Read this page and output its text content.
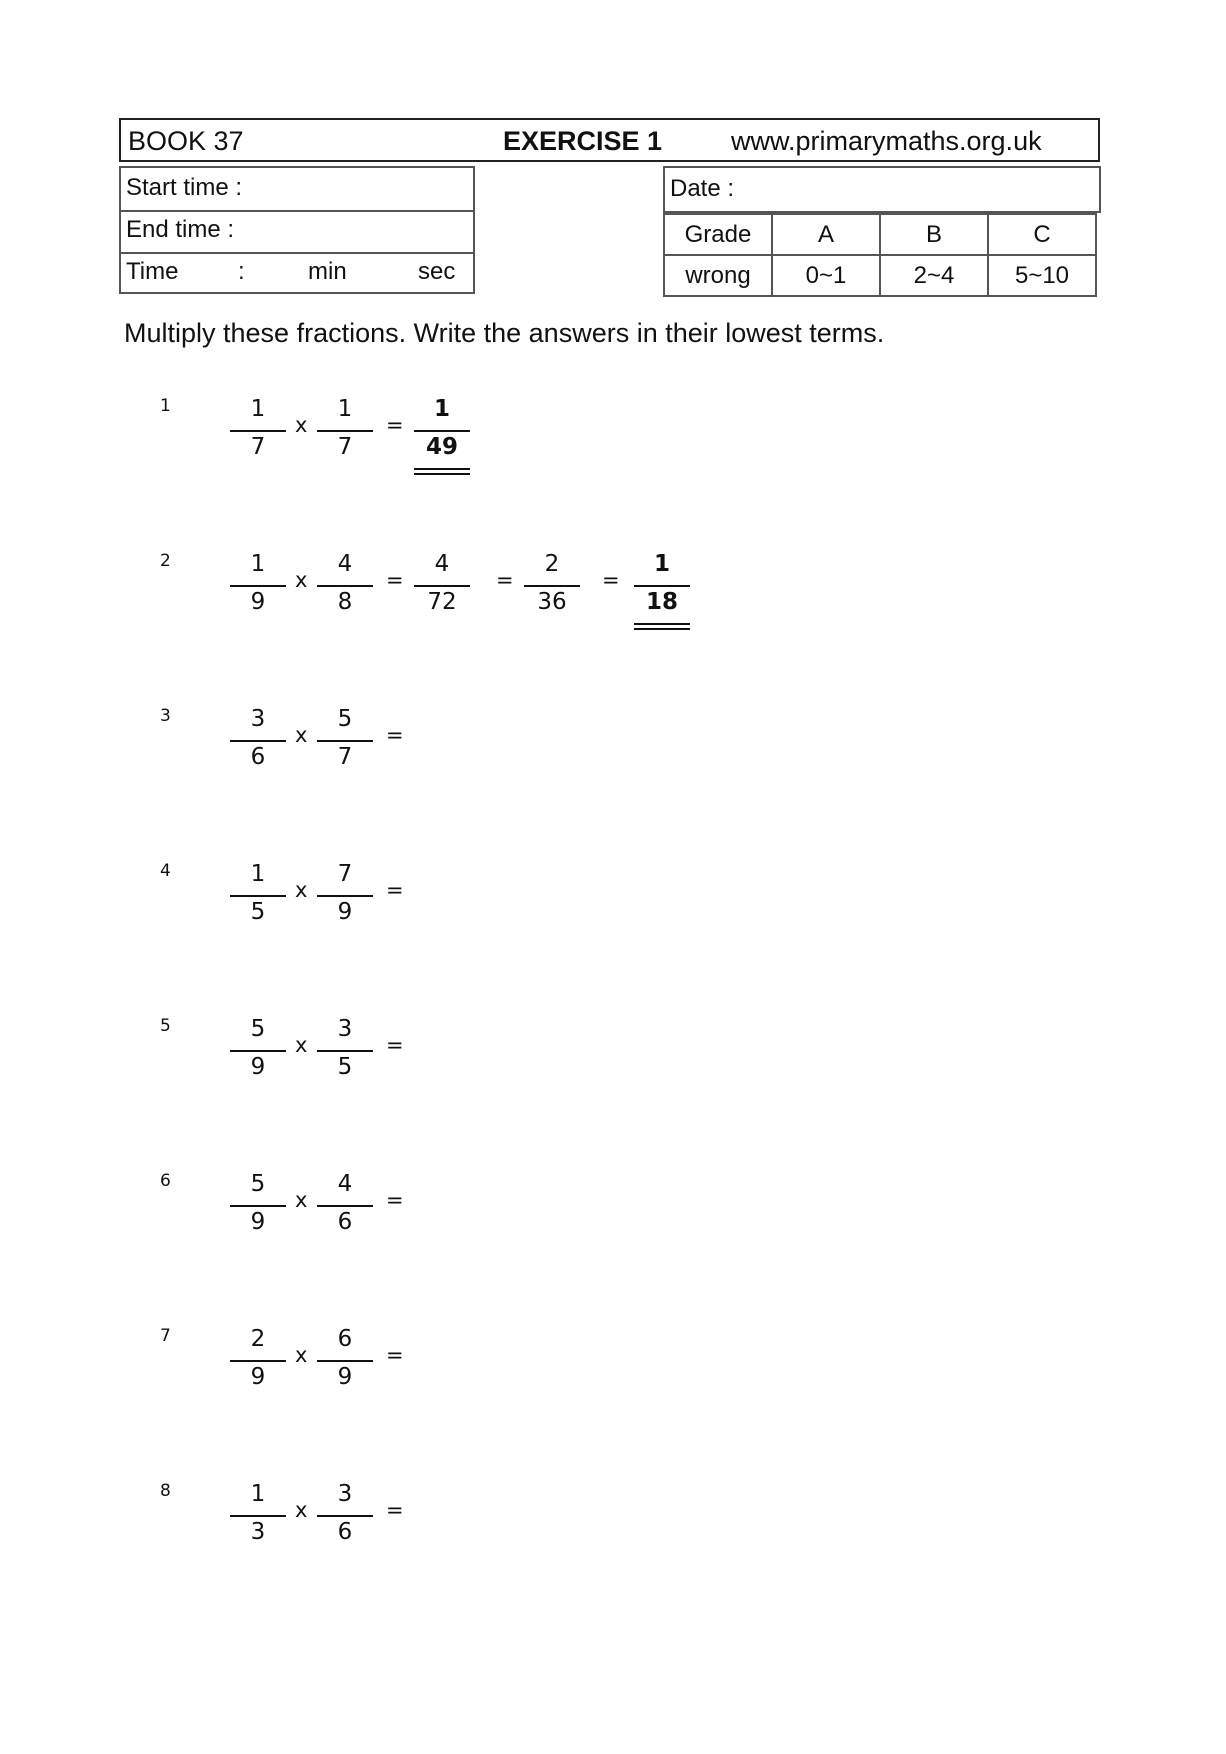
BOOK 37	EXERCISE 1	www.primarymaths.org.uk
Start time :
End time :
Time :	min	sec
Date :
Grade	A	B	C
wrong	0~1	2~4	5~10
Multiply these fractions. Write the answers in their lowest terms.
1	1
7
x
1
7
=
1
49
2	1
9
x
4
8
=
4
72
=
2
36
=
1
18
3	3
6
x
5
7
=
4	1
5
x
7
9
=
5	5
9
x
3
5
=
6	5
9
x
4
6
=
7	2
9
x
6
9
=
8	1
3
x
3
6
=
